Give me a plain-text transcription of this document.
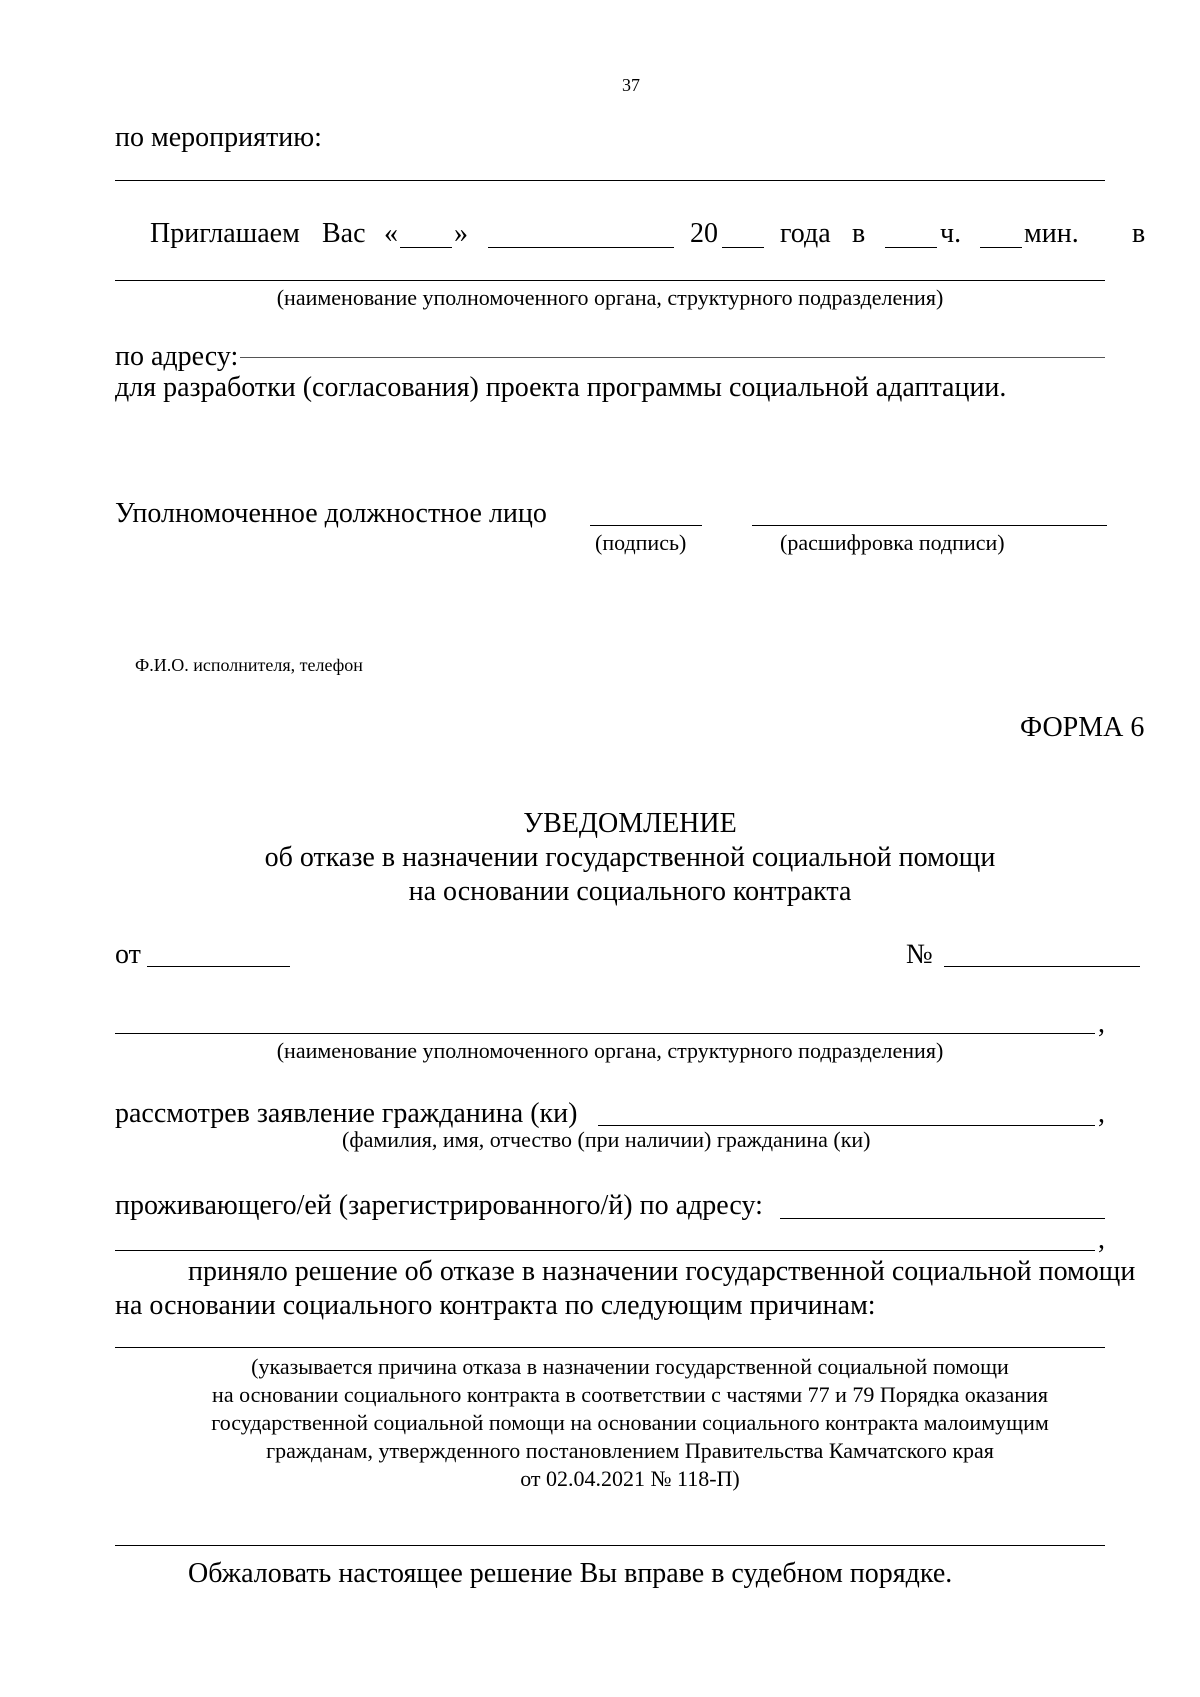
37
по мероприятию:
Приглашаем Вас « »	20 года в	ч. мин. в
(наименование уполномоченного органа, структурного подразделения)
по адресу:
для разработки (согласования) проекта программы социальной адаптации.
Уполномоченное должностное лицо
(подпись)	(расшифровка подписи)
Ф.И.О. исполнителя, телефон
ФОРМА 6
УВЕДОМЛЕНИЕ
об отказе в назначении государственной социальной помощи
на основании социального контракта
от	№
,
(наименование уполномоченного органа, структурного подразделения)
рассмотрев заявление гражданина (ки)	,
(фамилия, имя, отчество (при наличии) гражданина (ки)
проживающего/ей (зарегистрированного/й) по адресу:
,
приняло решение об отказе в назначении государственной социальной помощи
на основании социального контракта по следующим причинам:
(указывается причина отказа в назначении государственной социальной помощи
на основании социального контракта в соответствии с частями 77 и 79 Порядка оказания
государственной социальной помощи на основании социального контракта малоимущим
гражданам, утвержденного постановлением Правительства Камчатского края
от 02.04.2021 № 118-П)
Обжаловать настоящее решение Вы вправе в судебном порядке.
